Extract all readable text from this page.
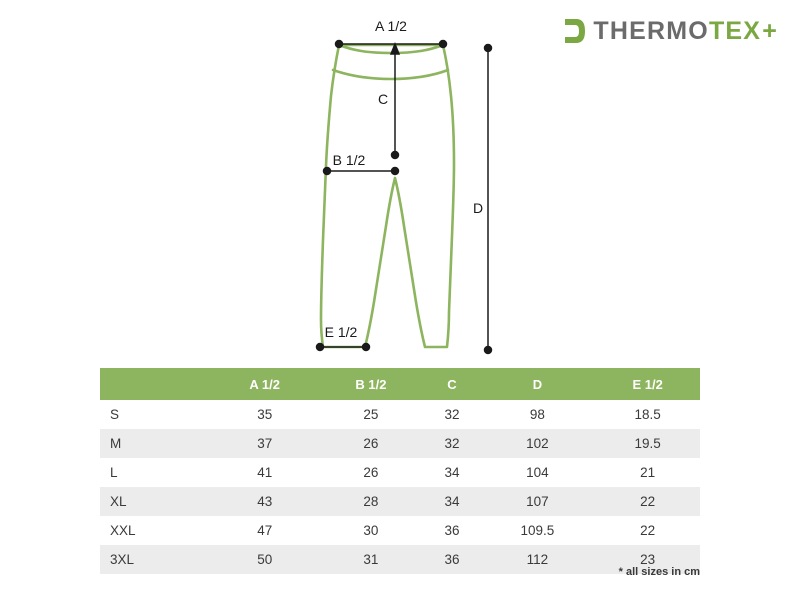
THERMO TEX +
A 1/2
B 1/2
C
D
E 1/2
	A 1/2	B 1/2	C	D	E 1/2
S	35	25	32	98	18.5
M	37	26	32	102	19.5
L	41	26	34	104	21
XL	43	28	34	107	22
XXL	47	30	36	109.5	22
3XL	50	31	36	112	23
* all sizes in cm
